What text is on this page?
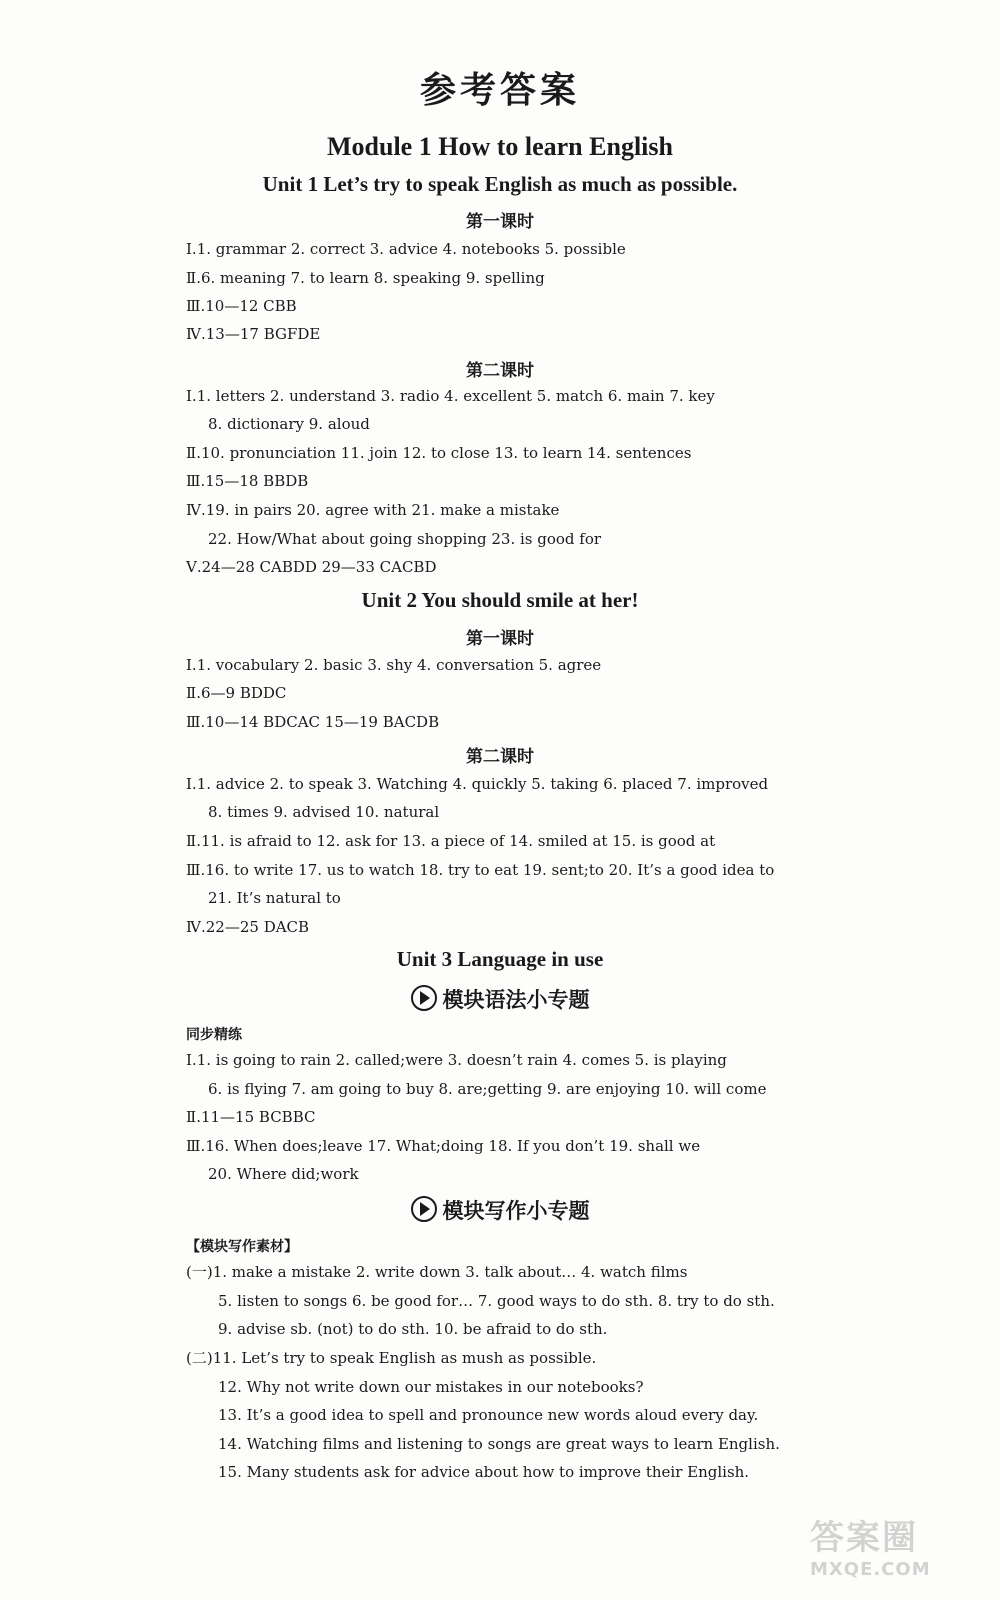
参考答案
Module 1 How to learn English
Unit 1 Let’s try to speak English as much as possible.
第一课时
Ⅰ.1. grammar 2. correct 3. advice 4. notebooks 5. possible
Ⅱ.6. meaning 7. to learn 8. speaking 9. spelling
Ⅲ.10—12 CBB
Ⅳ.13—17 BGFDE
第二课时
Ⅰ.1. letters 2. understand 3. radio 4. excellent 5. match 6. main 7. key
8. dictionary 9. aloud
Ⅱ.10. pronunciation 11. join 12. to close 13. to learn 14. sentences
Ⅲ.15—18 BBDB
Ⅳ.19. in pairs 20. agree with 21. make a mistake
22. How/What about going shopping 23. is good for
Ⅴ.24—28 CABDD 29—33 CACBD
Unit 2 You should smile at her!
第一课时
Ⅰ.1. vocabulary 2. basic 3. shy 4. conversation 5. agree
Ⅱ.6—9 BDDC
Ⅲ.10—14 BDCAC 15—19 BACDB
第二课时
Ⅰ.1. advice 2. to speak 3. Watching 4. quickly 5. taking 6. placed 7. improved
8. times 9. advised 10. natural
Ⅱ.11. is afraid to 12. ask for 13. a piece of 14. smiled at 15. is good at
Ⅲ.16. to write 17. us to watch 18. try to eat 19. sent;to 20. It’s a good idea to
21. It’s natural to
Ⅳ.22—25 DACB
Unit 3 Language in use
模块语法小专题
同步精练
Ⅰ.1. is going to rain 2. called;were 3. doesn’t rain 4. comes 5. is playing
6. is flying 7. am going to buy 8. are;getting 9. are enjoying 10. will come
Ⅱ.11—15 BCBBC
Ⅲ.16. When does;leave 17. What;doing 18. If you don’t 19. shall we
20. Where did;work
模块写作小专题
【模块写作素材】
(一)1. make a mistake 2. write down 3. talk about… 4. watch films
5. listen to songs 6. be good for… 7. good ways to do sth. 8. try to do sth.
9. advise sb. (not) to do sth. 10. be afraid to do sth.
(二)11. Let’s try to speak English as mush as possible.
12. Why not write down our mistakes in our notebooks?
13. It’s a good idea to spell and pronounce new words aloud every day.
14. Watching films and listening to songs are great ways to learn English.
15. Many students ask for advice about how to improve their English.
答案圈
MXQE.COM
